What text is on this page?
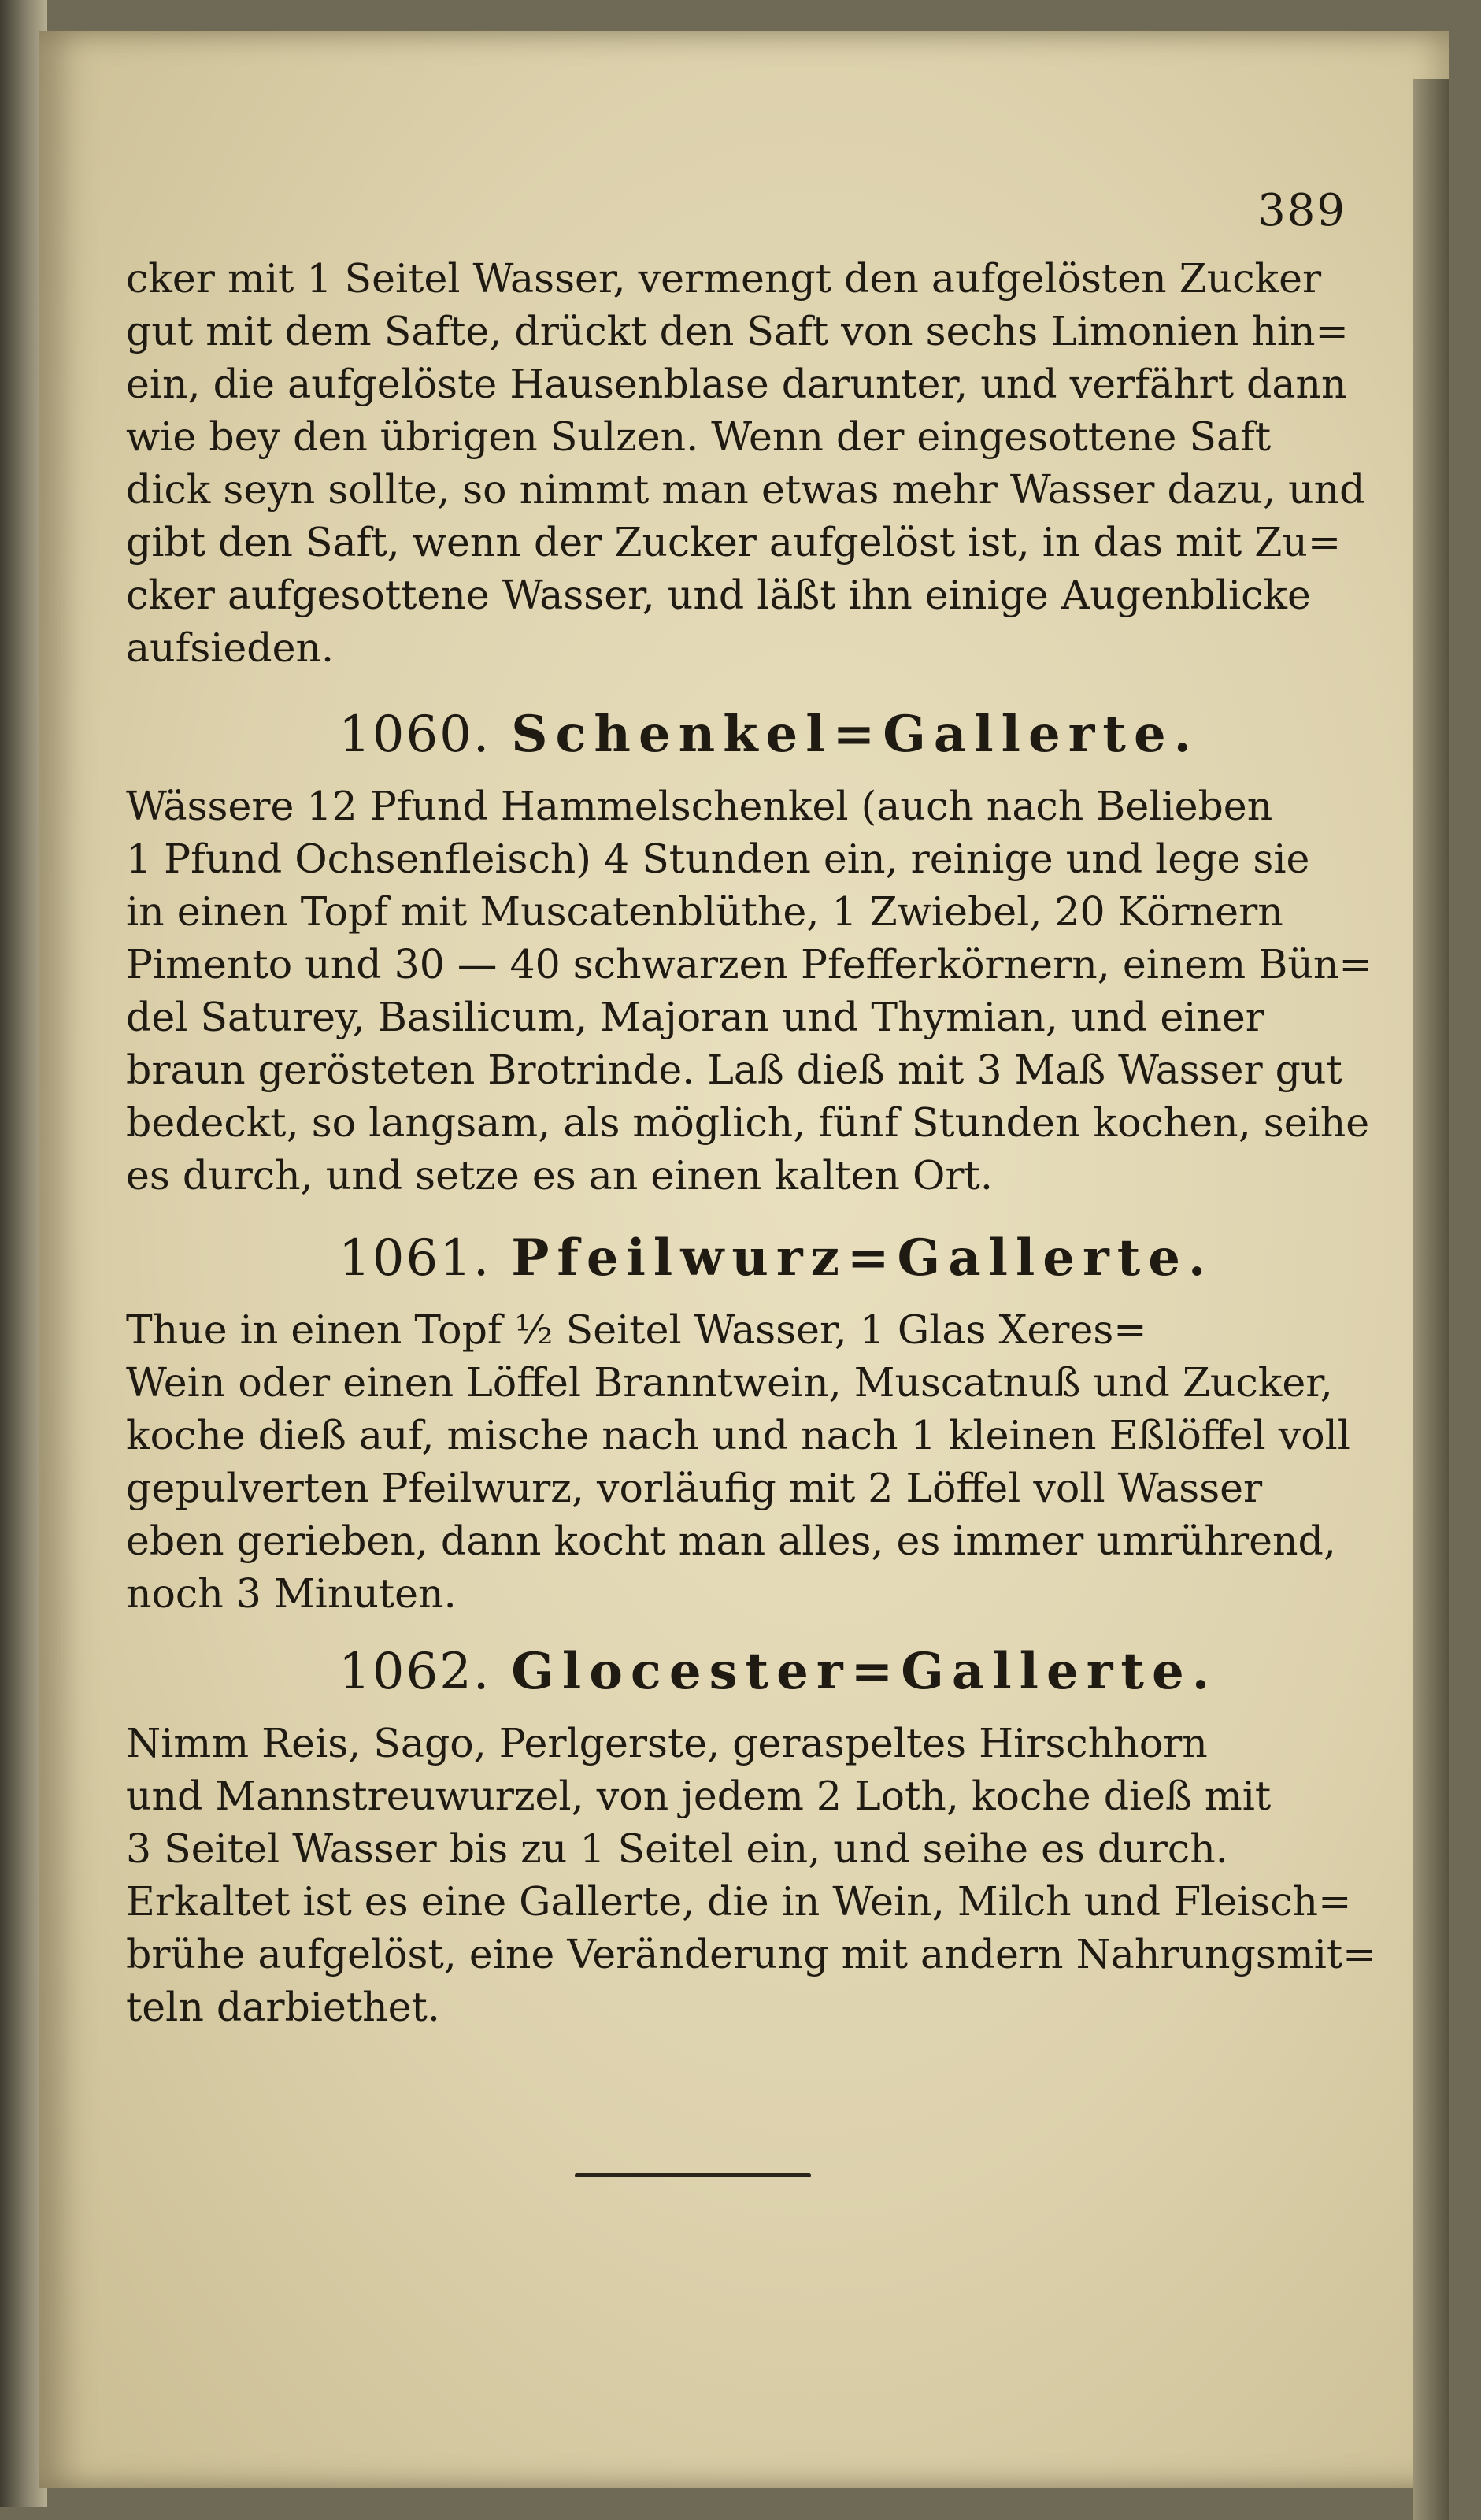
389
cker mit 1 Seitel Wasser, vermengt den aufgelösten Zucker
gut mit dem Safte, drückt den Saft von sechs Limonien hin=
ein, die aufgelöste Hausenblase darunter, und verfährt dann
wie bey den übrigen Sulzen. Wenn der eingesottene Saft
dick seyn sollte, so nimmt man etwas mehr Wasser dazu, und
gibt den Saft, wenn der Zucker aufgelöst ist, in das mit Zu=
cker aufgesottene Wasser, und läßt ihn einige Augenblicke
aufsieden.
1060. Schenkel=Gallerte.
Wässere 12 Pfund Hammelschenkel (auch nach Belieben
1 Pfund Ochsenfleisch) 4 Stunden ein, reinige und lege sie
in einen Topf mit Muscatenblüthe, 1 Zwiebel, 20 Körnern
Pimento und 30 — 40 schwarzen Pfefferkörnern, einem Bün=
del Saturey, Basilicum, Majoran und Thymian, und einer
braun gerösteten Brotrinde. Laß dieß mit 3 Maß Wasser gut
bedeckt, so langsam, als möglich, fünf Stunden kochen, seihe
es durch, und setze es an einen kalten Ort.
1061. Pfeilwurz=Gallerte.
Thue in einen Topf ½ Seitel Wasser, 1 Glas Xeres=
Wein oder einen Löffel Branntwein, Muscatnuß und Zucker,
koche dieß auf, mische nach und nach 1 kleinen Eßlöffel voll
gepulverten Pfeilwurz, vorläufig mit 2 Löffel voll Wasser
eben gerieben, dann kocht man alles, es immer umrührend,
noch 3 Minuten.
1062. Glocester=Gallerte.
Nimm Reis, Sago, Perlgerste, geraspeltes Hirschhorn
und Mannstreuwurzel, von jedem 2 Loth, koche dieß mit
3 Seitel Wasser bis zu 1 Seitel ein, und seihe es durch.
Erkaltet ist es eine Gallerte, die in Wein, Milch und Fleisch=
brühe aufgelöst, eine Veränderung mit andern Nahrungsmit=
teln darbiethet.
